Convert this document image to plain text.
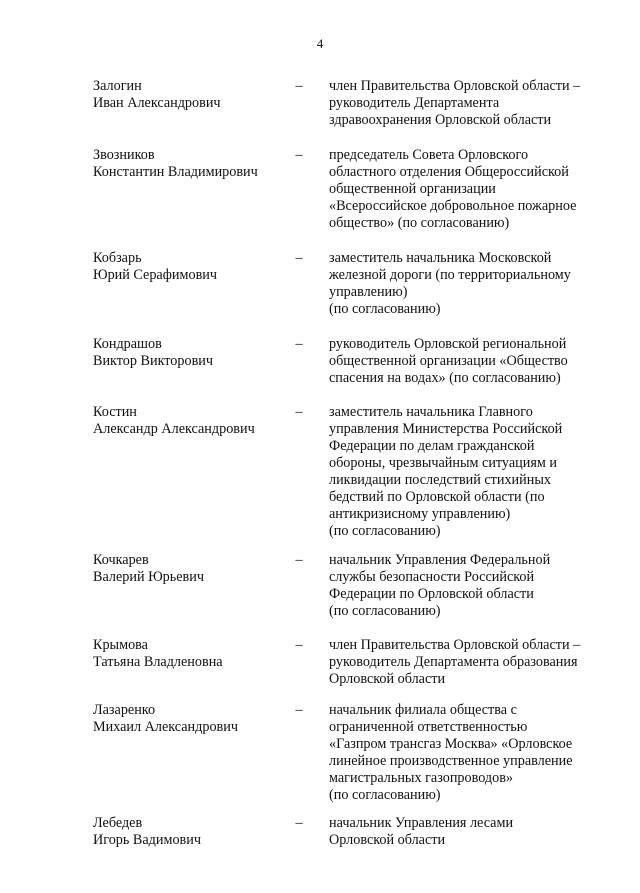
4
Залогин
Иван Александрович
– член Правительства Орловской области –
руководитель Департамента
здравоохранения Орловской области
Звозников
Константин Владимирович
– председатель Совета Орловского
областного отделения Общероссийской
общественной организации
«Всероссийское добровольное пожарное
общество» (по согласованию)
Кобзарь
Юрий Серафимович
– заместитель начальника Московской
железной дороги (по территориальному
управлению)
(по согласованию)
Кондрашов
Виктор Викторович
– руководитель Орловской региональной
общественной организации «Общество
спасения на водах» (по согласованию)
Костин
Александр Александрович
– заместитель начальника Главного
управления Министерства Российской
Федерации по делам гражданской
обороны, чрезвычайным ситуациям и
ликвидации последствий стихийных
бедствий по Орловской области (по
антикризисному управлению)
(по согласованию)
Кочкарев
Валерий Юрьевич
– начальник Управления Федеральной
службы безопасности Российской
Федерации по Орловской области
(по согласованию)
Крымова
Татьяна Владленовна
– член Правительства Орловской области –
руководитель Департамента образования
Орловской области
Лазаренко
Михаил Александрович
– начальник филиала общества с
ограниченной ответственностью
«Газпром трансгаз Москва» «Орловское
линейное производственное управление
магистральных газопроводов»
(по согласованию)
Лебедев
Игорь Вадимович
– начальник Управления лесами
Орловской области
